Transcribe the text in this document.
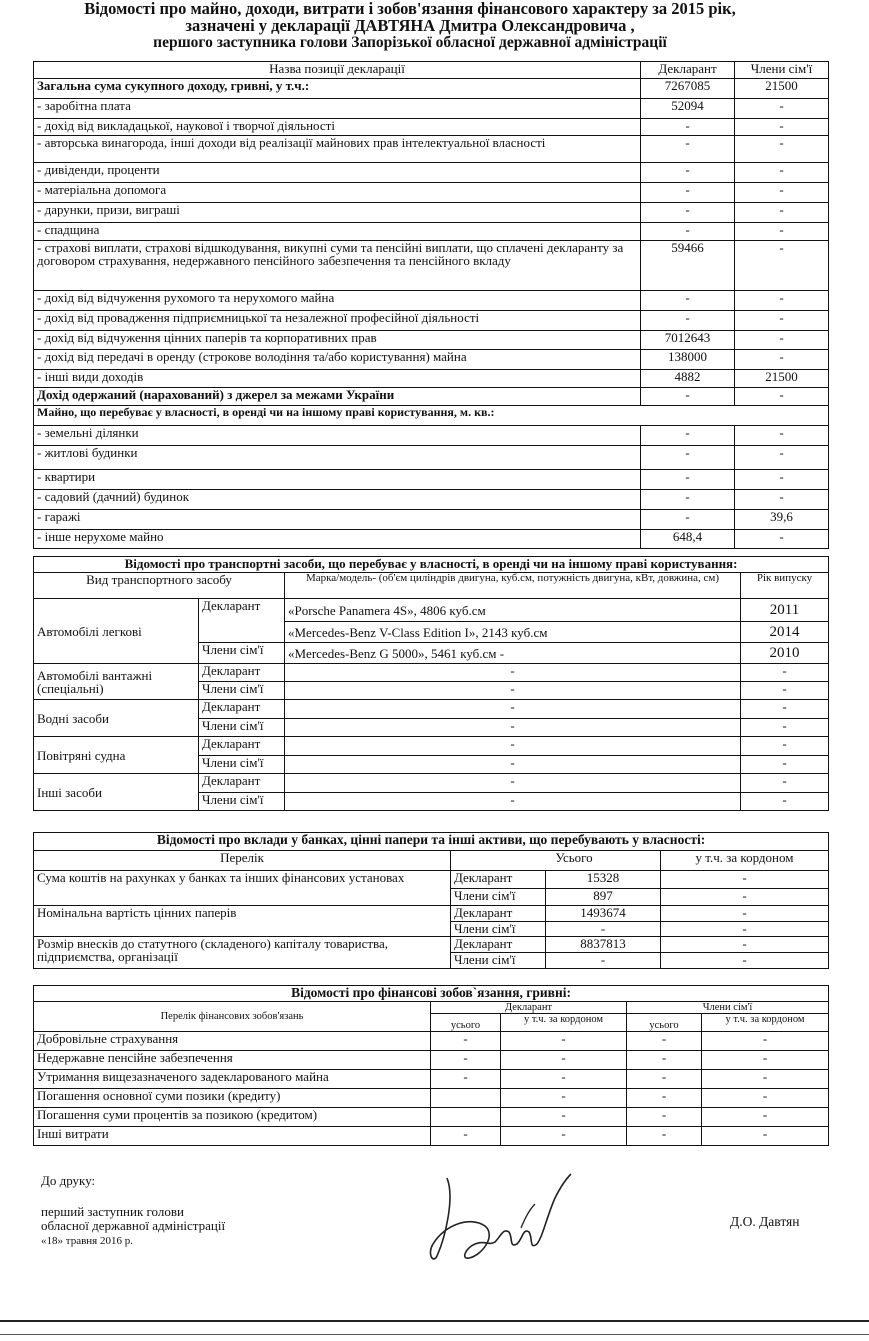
Відомості про майно, доходи, витрати і зобов'язання фінансового характеру за 2015 рік,
зазначені у декларації ДАВТЯНА Дмитра Олександровича ,
першого заступника голови Запорізької обласної державної адміністрації
Назва позиції декларації	Декларант	Члени сім'ї
Загальна сума сукупного доходу, гривні, у т.ч.:	7267085	21500
- заробітна плата	52094	-
- дохід від викладацької, наукової і творчої діяльності	-	-
- авторська винагорода, інші доходи від реалізації майнових прав інтелектуальної власності	-	-
- дивіденди, проценти	-	-
- матеріальна допомога	-	-
- дарунки, призи, виграші	-	-
- спадщина	-	-
- страхові виплати, страхові відшкодування, викупні суми та пенсійні виплати, що сплачені декларанту за договором страхування, недержавного пенсійного забезпечення та пенсійного вкладу	59466	-
- дохід від відчуження рухомого та нерухомого майна	-	-
- дохід від провадження підприємницької та незалежної професійної діяльності	-	-
- дохід від відчуження цінних паперів та корпоративних прав	7012643	-
- дохід від передачі в оренду (строкове володіння та/або користування) майна	138000	-
- інші види доходів	4882	21500
Дохід одержаний (нарахований) з джерел за межами України	-	-
Майно, що перебуває у власності, в оренді чи на іншому праві користування, м. кв.:		
- земельні ділянки	-	-
- житлові будинки	-	-
- квартири	-	-
- садовий (дачний) будинок	-	-
- гаражі	-	39,6
- інше нерухоме майно	648,4	-
Відомості про транспортні засоби, що перебуває у власності, в оренді чи на іншому праві користування:			
Вид транспортного засобу		Марка/модель- (об'єм циліндрів двигуна, куб.см, потужність двигуна, кВт, довжина, см)	Рік випуску
Автомобілі легкові	Декларант	«Porsche Panamera 4S», 4806 куб.см	2011
		«Mercedes-Benz V-Class Edition I», 2143 куб.см	2014
	Члени сім'ї	«Mercedes-Benz G 5000», 5461 куб.см -	2010
Автомобілі вантажні (спеціальні)	Декларант	-	-
	Члени сім'ї	-	-
Водні засоби	Декларант	-	-
	Члени сім'ї	-	-
Повітряні судна	Декларант	-	-
	Члени сім'ї	-	-
Інші засоби	Декларант	-	-
	Члени сім'ї	-	-
Відомості про вклади у банках, цінні папери та інші активи, що перебувають у власності:			
Перелік	Усього		у т.ч. за кордоном
Сума коштів на рахунках у банках та інших фінансових установах	Декларант	15328	-
	Члени сім'ї	897	-
Номінальна вартість цінних паперів	Декларант	1493674	-
	Члени сім'ї	-	-
Розмір внесків до статутного (складеного) капіталу товариства, підприємства, організації	Декларант	8837813	-
	Члени сім'ї	-	-
Відомості про фінансові зобов`язання, гривні:				
Перелік фінансових зобов'язань	Декларант		Члени сім'ї	
	усього	у т.ч. за кордоном	усього	у т.ч. за кордоном
Добровільне страхування	-	-	-	-
Недержавне пенсійне забезпечення	-	-	-	-
Утримання вищезазначеного задекларованого майна	-	-	-	-
Погашення основної суми позики (кредиту)		-	-	-
Погашення суми процентів за позикою (кредитом)		-	-	-
Інші витрати	-	-	-	-
До друку:
перший заступник голови
обласної державної адміністрації
«18» травня 2016 р.
Д.О. Давтян
